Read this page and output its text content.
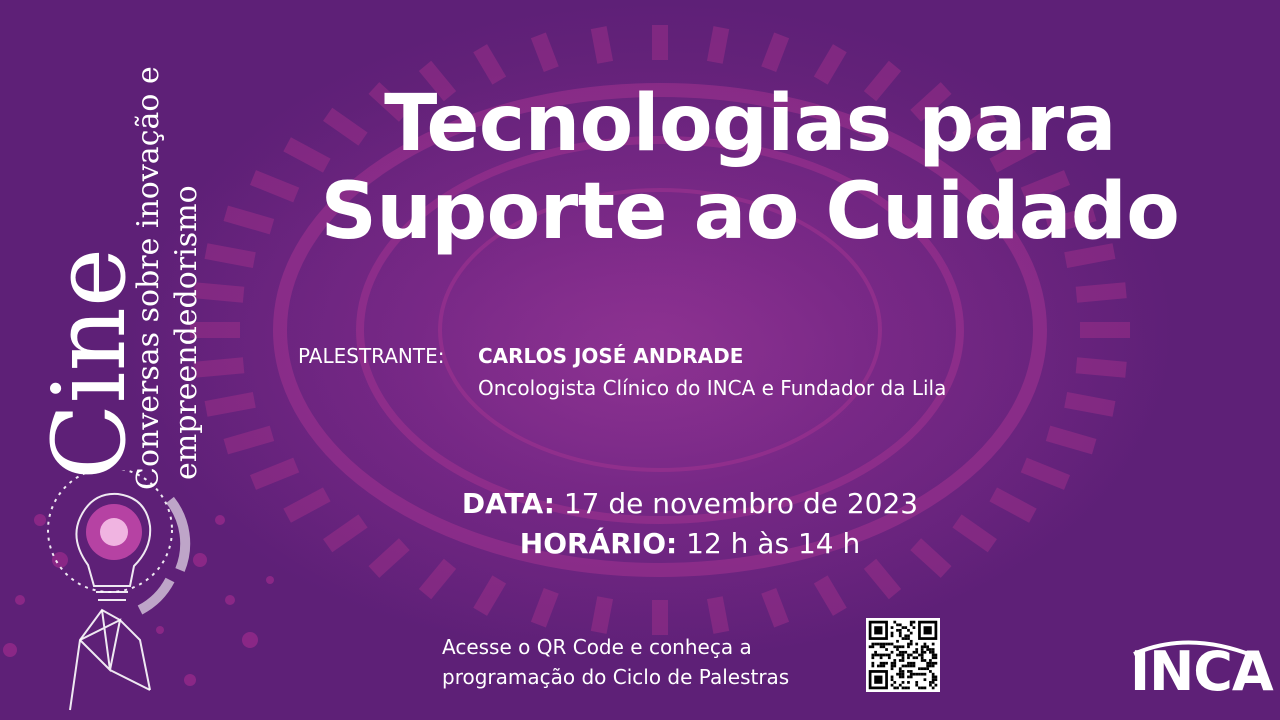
Cine
Conversas sobre inovação e empreendedorismo
Tecnologias para
Suporte ao Cuidado
PALESTRANTE: CARLOS JOSÉ ANDRADE
Oncologista Clínico do INCA e Fundador da Lila
DATA: 17 de novembro de 2023
HORÁRIO: 12 h às 14 h
Acesse o QR Code e conheça a
programação do Ciclo de Palestras	INCA
